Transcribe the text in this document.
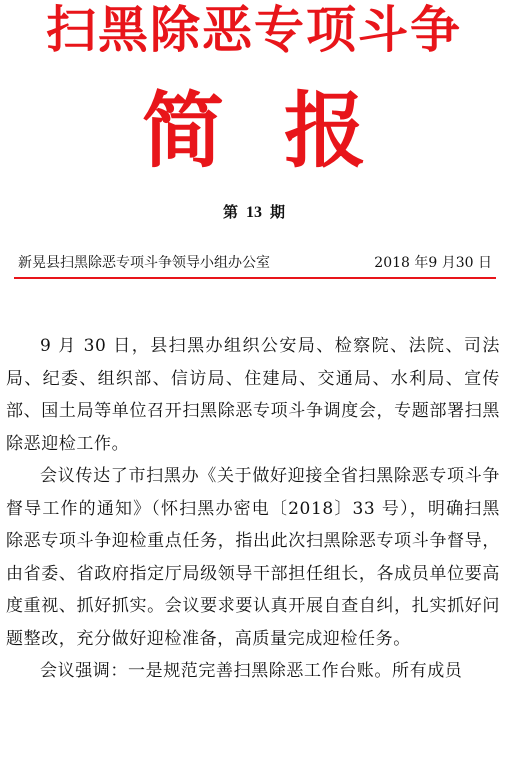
扫黑除恶专项斗争
简报
第 13 期
新晃县扫黑除恶专项斗争领导小组办公室	2018 年9 月30 日

9 月 30 日，县扫黑办组织公安局、检察院、法院、司法局、纪委、组织部、信访局、住建局、交通局、水利局、宣传部、国土局等单位召开扫黑除恶专项斗争调度会，专题部署扫黑除恶迎检工作。

会议传达了市扫黑办《关于做好迎接全省扫黑除恶专项斗争督导工作的通知》（怀扫黑办密电〔2018〕33 号），明确扫黑除恶专项斗争迎检重点任务，指出此次扫黑除恶专项斗争督导，由省委、省政府指定厅局级领导干部担任组长，各成员单位要高度重视、抓好抓实。会议要求要认真开展自查自纠，扎实抓好问题整改，充分做好迎检准备，高质量完成迎检任务。

会议强调：一是规范完善扫黑除恶工作台账。所有成员
